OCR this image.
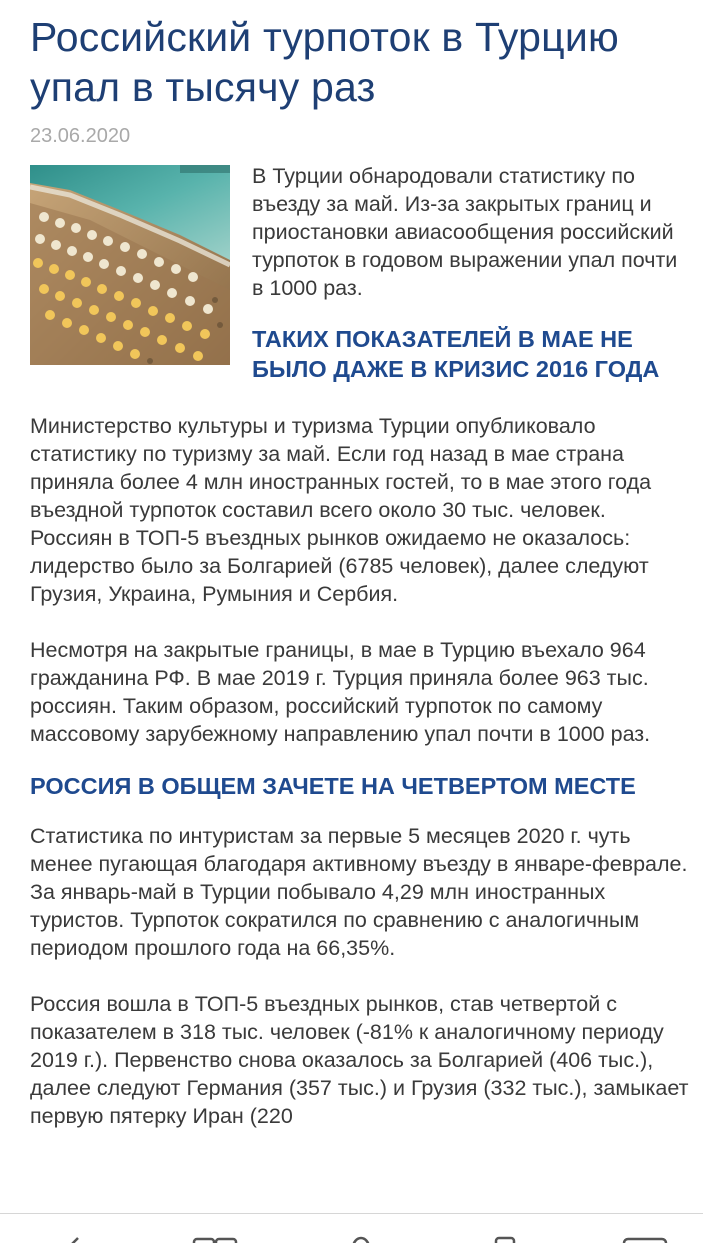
Российский турпоток в Турцию упал в тысячу раз
23.06.2020

В Турции обнародовали статистику по въезду за май. Из-за закрытых границ и приостановки авиасообщения российский турпоток в годовом выражении упал почти в 1000 раз.

ТАКИХ ПОКАЗАТЕЛЕЙ В МАЕ НЕ БЫЛО ДАЖЕ В КРИЗИС 2016 ГОДА

Министерство культуры и туризма Турции опубликовало статистику по туризму за май. Если год назад в мае страна приняла более 4 млн иностранных гостей, то в мае этого года въездной турпоток составил всего около 30 тыс. человек. Россиян в ТОП-5 въездных рынков ожидаемо не оказалось: лидерство было за Болгарией (6785 человек), далее следуют Грузия, Украина, Румыния и Сербия.

Несмотря на закрытые границы, в мае в Турцию въехало 964 гражданина РФ. В мае 2019 г. Турция приняла более 963 тыс. россиян. Таким образом, российский турпоток по самому массовому зарубежному направлению упал почти в 1000 раз.

РОССИЯ В ОБЩЕМ ЗАЧЕТЕ НА ЧЕТВЕРТОМ МЕСТЕ

Статистика по интуристам за первые 5 месяцев 2020 г. чуть менее пугающая благодаря активному въезду в январе-феврале. За январь-май в Турции побывало 4,29 млн иностранных туристов. Турпоток сократился по сравнению с аналогичным периодом прошлого года на 66,35%.

Россия вошла в ТОП-5 въездных рынков, став четвертой с показателем в 318 тыс. человек (-81% к аналогичному периоду 2019 г.). Первенство снова оказалось за Болгарией (406 тыс.), далее следуют Германия (357 тыс.) и Грузия (332 тыс.), замыкает первую пятерку Иран (220
